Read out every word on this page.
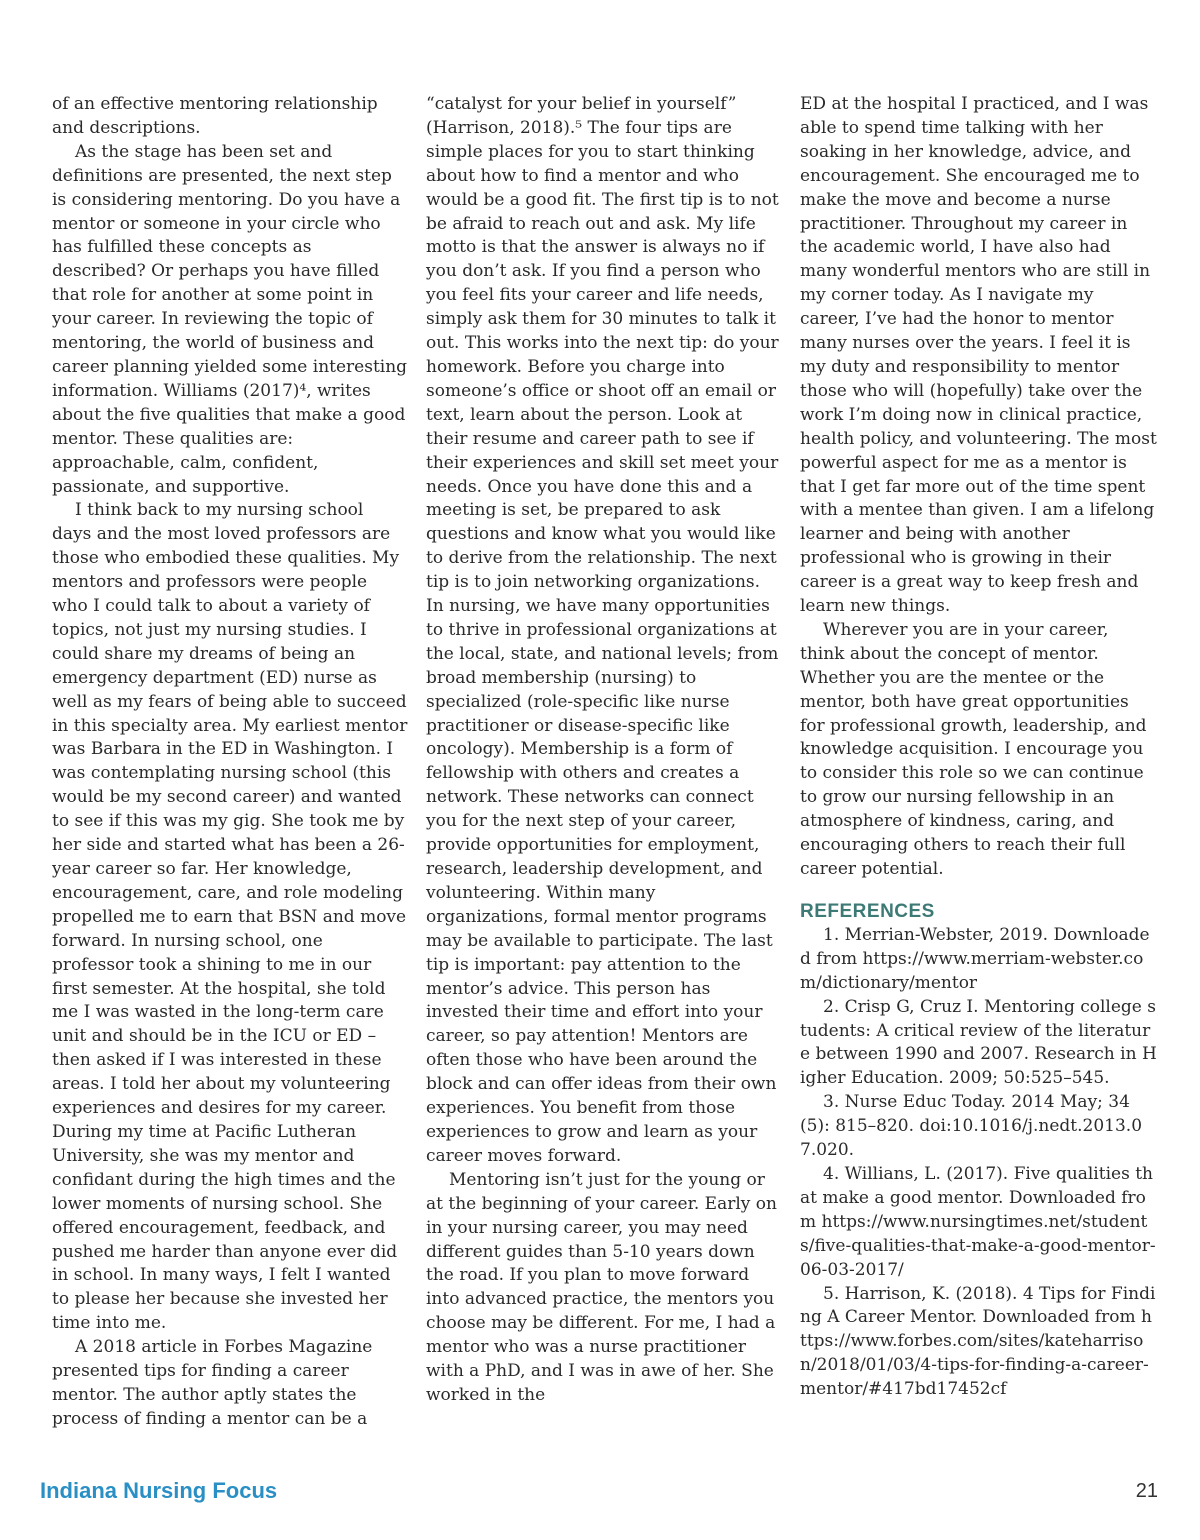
of an effective mentoring relationship and descriptions.

As the stage has been set and definitions are presented, the next step is considering mentoring. Do you have a mentor or someone in your circle who has fulfilled these concepts as described? Or perhaps you have filled that role for another at some point in your career. In reviewing the topic of mentoring, the world of business and career planning yielded some interesting information. Williams (2017)⁴, writes about the five qualities that make a good mentor. These qualities are: approachable, calm, confident, passionate, and supportive.

I think back to my nursing school days and the most loved professors are those who embodied these qualities. My mentors and professors were people who I could talk to about a variety of topics, not just my nursing studies. I could share my dreams of being an emergency department (ED) nurse as well as my fears of being able to succeed in this specialty area. My earliest mentor was Barbara in the ED in Washington. I was contemplating nursing school (this would be my second career) and wanted to see if this was my gig. She took me by her side and started what has been a 26-year career so far. Her knowledge, encouragement, care, and role modeling propelled me to earn that BSN and move forward. In nursing school, one professor took a shining to me in our first semester. At the hospital, she told me I was wasted in the long-term care unit and should be in the ICU or ED – then asked if I was interested in these areas. I told her about my volunteering experiences and desires for my career. During my time at Pacific Lutheran University, she was my mentor and confidant during the high times and the lower moments of nursing school. She offered encouragement, feedback, and pushed me harder than anyone ever did in school. In many ways, I felt I wanted to please her because she invested her time into me.

A 2018 article in Forbes Magazine presented tips for finding a career mentor. The author aptly states the process of finding a mentor can be a

“catalyst for your belief in yourself” (Harrison, 2018).⁵ The four tips are simple places for you to start thinking about how to find a mentor and who would be a good fit. The first tip is to not be afraid to reach out and ask. My life motto is that the answer is always no if you don’t ask. If you find a person who you feel fits your career and life needs, simply ask them for 30 minutes to talk it out. This works into the next tip: do your homework. Before you charge into someone’s office or shoot off an email or text, learn about the person. Look at their resume and career path to see if their experiences and skill set meet your needs. Once you have done this and a meeting is set, be prepared to ask questions and know what you would like to derive from the relationship. The next tip is to join networking organizations. In nursing, we have many opportunities to thrive in professional organizations at the local, state, and national levels; from broad membership (nursing) to specialized (role-specific like nurse practitioner or disease-specific like oncology). Membership is a form of fellowship with others and creates a network. These networks can connect you for the next step of your career, provide opportunities for employment, research, leadership development, and volunteering. Within many organizations, formal mentor programs may be available to participate. The last tip is important: pay attention to the mentor’s advice. This person has invested their time and effort into your career, so pay attention! Mentors are often those who have been around the block and can offer ideas from their own experiences. You benefit from those experiences to grow and learn as your career moves forward.

Mentoring isn’t just for the young or at the beginning of your career. Early on in your nursing career, you may need different guides than 5-10 years down the road. If you plan to move forward into advanced practice, the mentors you choose may be different. For me, I had a mentor who was a nurse practitioner with a PhD, and I was in awe of her. She worked in the

ED at the hospital I practiced, and I was able to spend time talking with her soaking in her knowledge, advice, and encouragement. She encouraged me to make the move and become a nurse practitioner. Throughout my career in the academic world, I have also had many wonderful mentors who are still in my corner today. As I navigate my career, I’ve had the honor to mentor many nurses over the years. I feel it is my duty and responsibility to mentor those who will (hopefully) take over the work I’m doing now in clinical practice, health policy, and volunteering. The most powerful aspect for me as a mentor is that I get far more out of the time spent with a mentee than given. I am a lifelong learner and being with another professional who is growing in their career is a great way to keep fresh and learn new things.

Wherever you are in your career, think about the concept of mentor. Whether you are the mentee or the mentor, both have great opportunities for professional growth, leadership, and knowledge acquisition. I encourage you to consider this role so we can continue to grow our nursing fellowship in an atmosphere of kindness, caring, and encouraging others to reach their full career potential.

REFERENCES

1. Merrian-Webster, 2019. Downloaded from https://www.merriam-webster.com/dictionary/mentor

2. Crisp G, Cruz I. Mentoring college students: A critical review of the literature between 1990 and 2007. Research in Higher Education. 2009; 50:525–545.

3. Nurse Educ Today. 2014 May; 34(5): 815–820. doi:10.1016/j.nedt.2013.07.020.

4. Willians, L. (2017). Five qualities that make a good mentor. Downloaded from https://www.nursingtimes.net/students/five-qualities-that-make-a-good-mentor-06-03-2017/

5. Harrison, K. (2018). 4 Tips for Finding A Career Mentor. Downloaded from https://www.forbes.com/sites/kateharrison/2018/01/03/4-tips-for-finding-a-career-mentor/#417bd17452cf

Indiana Nursing Focus	21
